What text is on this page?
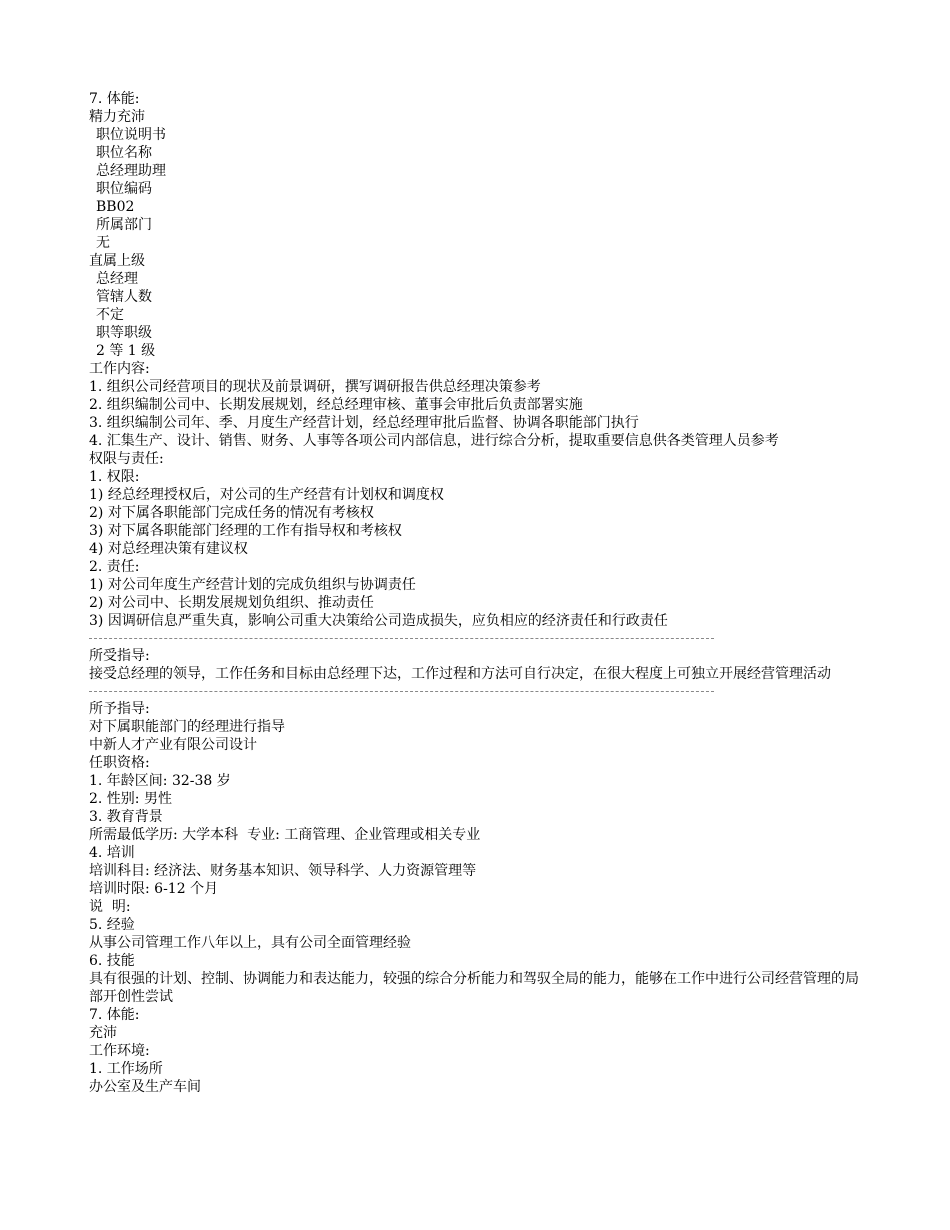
7. 体能:

精力充沛

职位说明书

职位名称

总经理助理

职位编码

BB02

所属部门

无

直属上级

总经理

管辖人数

不定

职等职级

2 等 1 级

工作内容:

1. 组织公司经营项目的现状及前景调研，撰写调研报告供总经理决策参考

2. 组织编制公司中、长期发展规划，经总经理审核、董事会审批后负责部署实施

3. 组织编制公司年、季、月度生产经营计划，经总经理审批后监督、协调各职能部门执行

4. 汇集生产、设计、销售、财务、人事等各项公司内部信息，进行综合分析，提取重要信息供各类管理人员参考

权限与责任:

1. 权限:

1) 经总经理授权后，对公司的生产经营有计划权和调度权

2) 对下属各职能部门完成任务的情况有考核权

3) 对下属各职能部门经理的工作有指导权和考核权

4) 对总经理决策有建议权

2. 责任:

1) 对公司年度生产经营计划的完成负组织与协调责任

2) 对公司中、长期发展规划负组织、推动责任

3) 因调研信息严重失真，影响公司重大决策给公司造成损失，应负相应的经济责任和行政责任

所受指导:

接受总经理的领导，工作任务和目标由总经理下达，工作过程和方法可自行决定，在很大程度上可独立开展经营管理活动

所予指导:

对下属职能部门的经理进行指导

中新人才产业有限公司设计

任职资格:

1. 年龄区间: 32-38 岁

2. 性别: 男性

3. 教育背景

所需最低学历: 大学本科  专业: 工商管理、企业管理或相关专业

4. 培训

培训科目: 经济法、财务基本知识、领导科学、人力资源管理等

培训时限: 6-12 个月

说  明:

5. 经验

从事公司管理工作八年以上，具有公司全面管理经验

6. 技能

具有很强的计划、控制、协调能力和表达能力，较强的综合分析能力和驾驭全局的能力，能够在工作中进行公司经营管理的局部开创性尝试

7. 体能:

充沛

工作环境:

1. 工作场所

办公室及生产车间
